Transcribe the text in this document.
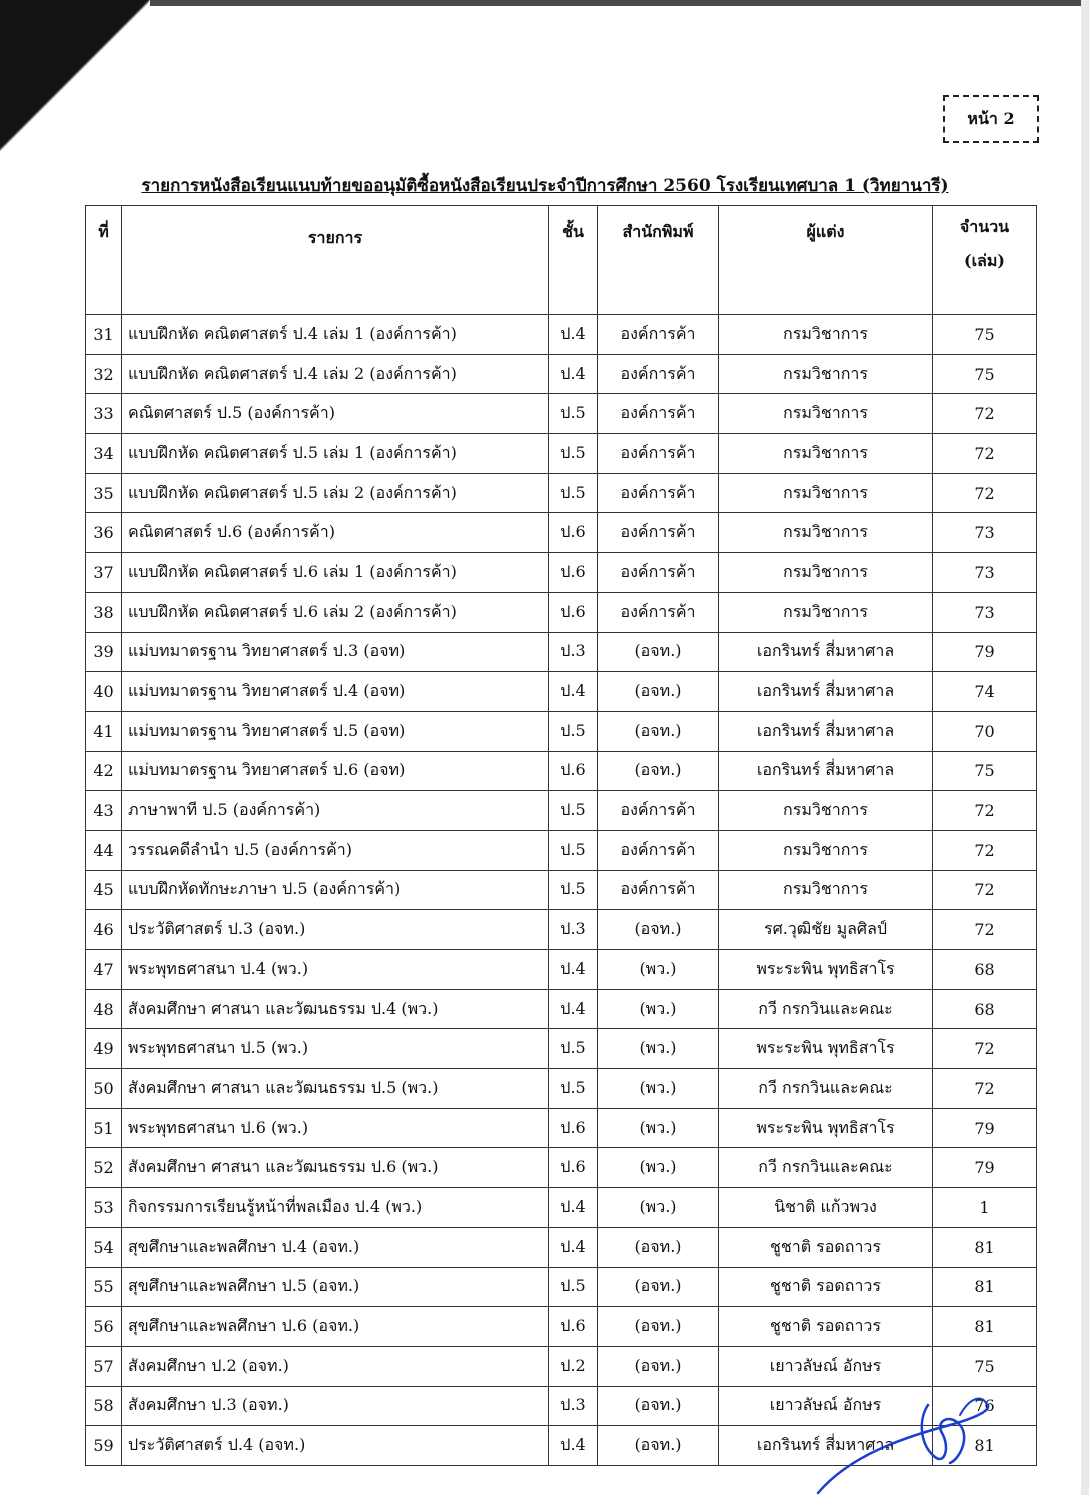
หน้า 2
รายการหนังสือเรียนแนบท้ายขออนุมัติซื้อหนังสือเรียนประจำปีการศึกษา 2560 โรงเรียนเทศบาล 1 (วิทยานารี)
ที่	รายการ	ชั้น	สำนักพิมพ์	ผู้แต่ง	จำนวน
(เล่ม)

31	แบบฝึกหัด คณิตศาสตร์ ป.4 เล่ม 1 (องค์การค้า)	ป.4	องค์การค้า	กรมวิชาการ	75
32	แบบฝึกหัด คณิตศาสตร์ ป.4 เล่ม 2 (องค์การค้า)	ป.4	องค์การค้า	กรมวิชาการ	75
33	คณิตศาสตร์ ป.5 (องค์การค้า)	ป.5	องค์การค้า	กรมวิชาการ	72
34	แบบฝึกหัด คณิตศาสตร์ ป.5 เล่ม 1 (องค์การค้า)	ป.5	องค์การค้า	กรมวิชาการ	72
35	แบบฝึกหัด คณิตศาสตร์ ป.5 เล่ม 2 (องค์การค้า)	ป.5	องค์การค้า	กรมวิชาการ	72
36	คณิตศาสตร์ ป.6 (องค์การค้า)	ป.6	องค์การค้า	กรมวิชาการ	73
37	แบบฝึกหัด คณิตศาสตร์ ป.6 เล่ม 1 (องค์การค้า)	ป.6	องค์การค้า	กรมวิชาการ	73
38	แบบฝึกหัด คณิตศาสตร์ ป.6 เล่ม 2 (องค์การค้า)	ป.6	องค์การค้า	กรมวิชาการ	73
39	แม่บทมาตรฐาน วิทยาศาสตร์ ป.3 (อจท)	ป.3	(อจท.)	เอกรินทร์ สี่มหาศาล	79
40	แม่บทมาตรฐาน วิทยาศาสตร์ ป.4 (อจท)	ป.4	(อจท.)	เอกรินทร์ สี่มหาศาล	74
41	แม่บทมาตรฐาน วิทยาศาสตร์ ป.5 (อจท)	ป.5	(อจท.)	เอกรินทร์ สี่มหาศาล	70
42	แม่บทมาตรฐาน วิทยาศาสตร์ ป.6 (อจท)	ป.6	(อจท.)	เอกรินทร์ สี่มหาศาล	75
43	ภาษาพาที ป.5 (องค์การค้า)	ป.5	องค์การค้า	กรมวิชาการ	72
44	วรรณคดีลำนำ ป.5 (องค์การค้า)	ป.5	องค์การค้า	กรมวิชาการ	72
45	แบบฝึกหัดทักษะภาษา ป.5 (องค์การค้า)	ป.5	องค์การค้า	กรมวิชาการ	72
46	ประวัติศาสตร์ ป.3 (อจท.)	ป.3	(อจท.)	รศ.วุฒิชัย มูลศิลป์	72
47	พระพุทธศาสนา ป.4 (พว.)	ป.4	(พว.)	พระระพิน พุทธิสาโร	68
48	สังคมศึกษา ศาสนา และวัฒนธรรม ป.4 (พว.)	ป.4	(พว.)	กวี กรกวินและคณะ	68
49	พระพุทธศาสนา ป.5 (พว.)	ป.5	(พว.)	พระระพิน พุทธิสาโร	72
50	สังคมศึกษา ศาสนา และวัฒนธรรม ป.5 (พว.)	ป.5	(พว.)	กวี กรกวินและคณะ	72
51	พระพุทธศาสนา ป.6 (พว.)	ป.6	(พว.)	พระระพิน พุทธิสาโร	79
52	สังคมศึกษา ศาสนา และวัฒนธรรม ป.6 (พว.)	ป.6	(พว.)	กวี กรกวินและคณะ	79
53	กิจกรรมการเรียนรู้หน้าที่พลเมือง ป.4 (พว.)	ป.4	(พว.)	นิชาติ แก้วพวง	1
54	สุขศึกษาและพลศึกษา ป.4 (อจท.)	ป.4	(อจท.)	ชูชาติ รอดถาวร	81
55	สุขศึกษาและพลศึกษา ป.5 (อจท.)	ป.5	(อจท.)	ชูชาติ รอดถาวร	81
56	สุขศึกษาและพลศึกษา ป.6 (อจท.)	ป.6	(อจท.)	ชูชาติ รอดถาวร	81
57	สังคมศึกษา ป.2 (อจท.)	ป.2	(อจท.)	เยาวลัษณ์ อักษร	75
58	สังคมศึกษา ป.3 (อจท.)	ป.3	(อจท.)	เยาวลัษณ์ อักษร	76
59	ประวัติศาสตร์ ป.4 (อจท.)	ป.4	(อจท.)	เอกรินทร์ สี่มหาศาล	81
